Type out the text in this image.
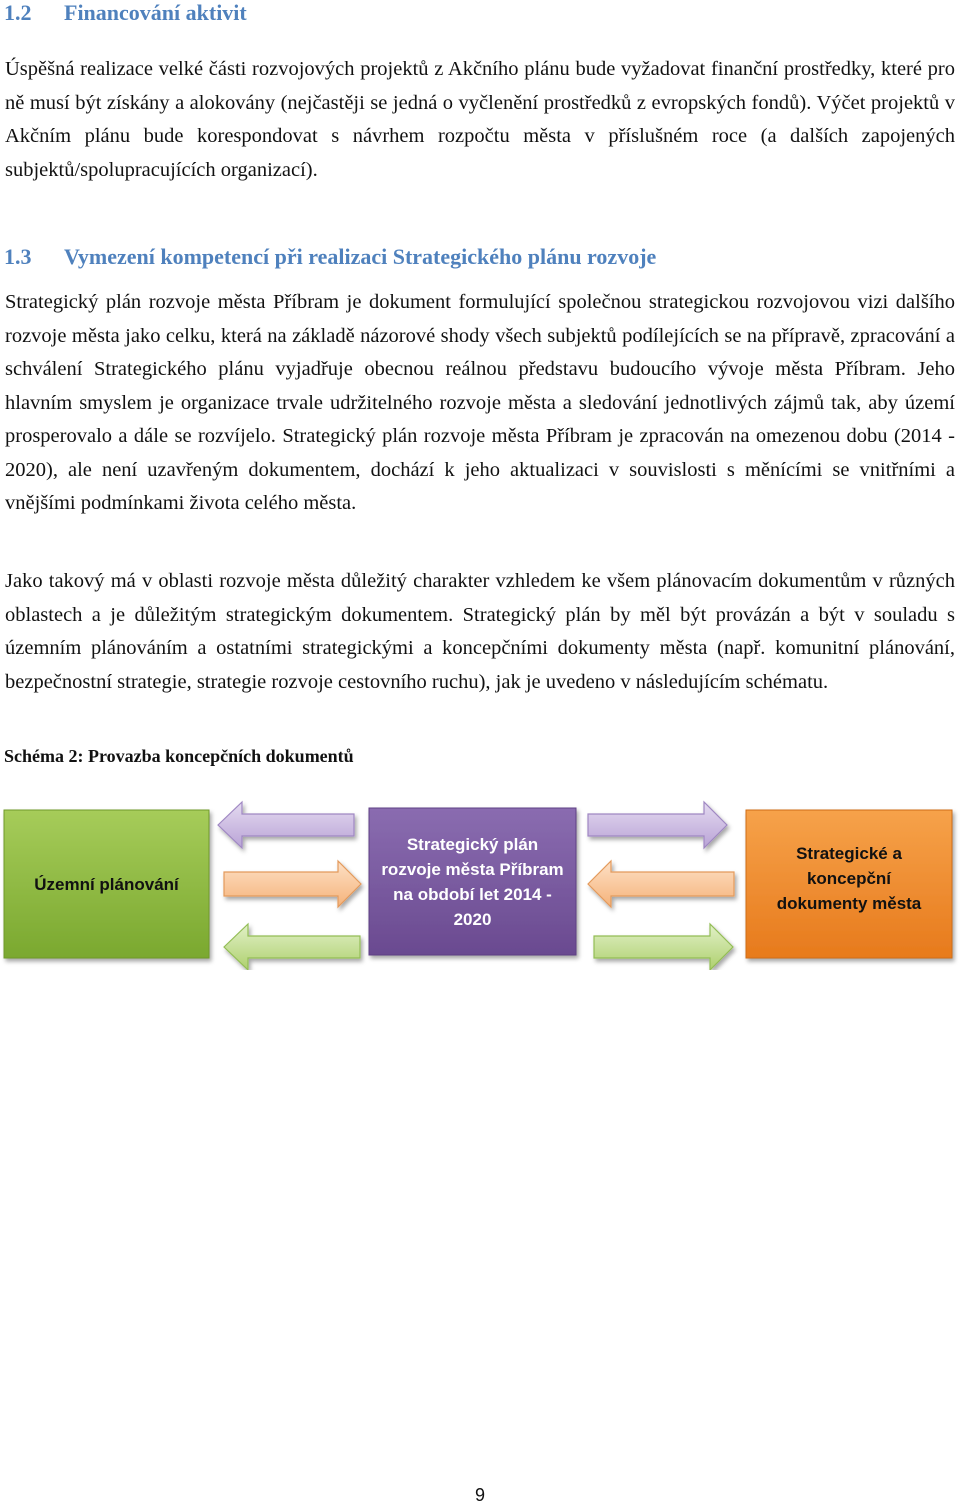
1.2 Financování aktivit

Úspěšná realizace velké části rozvojových projektů z Akčního plánu bude vyžadovat finanční prostředky, které pro ně musí být získány a alokovány (nejčastěji se jedná o vyčlenění prostředků z evropských fondů). Výčet projektů v Akčním plánu bude korespondovat s návrhem rozpočtu města v příslušném roce (a dalších zapojených subjektů/spolupracujících organizací).

1.3 Vymezení kompetencí při realizaci Strategického plánu rozvoje

Strategický plán rozvoje města Příbram je dokument formulující společnou strategickou rozvojovou vizi dalšího rozvoje města jako celku, která na základě názorové shody všech subjektů podílejících se na přípravě, zpracování a schválení Strategického plánu vyjadřuje obecnou reálnou představu budoucího vývoje města Příbram. Jeho hlavním smyslem je organizace trvale udržitelného rozvoje města a sledování jednotlivých zájmů tak, aby území prosperovalo a dále se rozvíjelo. Strategický plán rozvoje města Příbram je zpracován na omezenou dobu (2014 - 2020), ale není uzavřeným dokumentem, dochází k jeho aktualizaci v souvislosti s měnícími se vnitřními a vnějšími podmínkami života celého města.

Jako takový má v oblasti rozvoje města důležitý charakter vzhledem ke všem plánovacím dokumentům v různých oblastech a je důležitým strategickým dokumentem. Strategický plán by měl být provázán a být v souladu s územním plánováním a ostatními strategickými a koncepčními dokumenty města (např. komunitní plánování, bezpečnostní strategie, strategie rozvoje cestovního ruchu), jak je uvedeno v následujícím schématu.

Schéma 2: Provazba koncepčních dokumentů
Územní plánování
Strategický plán rozvoje města Příbram na období let 2014 - 2020
Strategické a koncepční dokumenty města
9
